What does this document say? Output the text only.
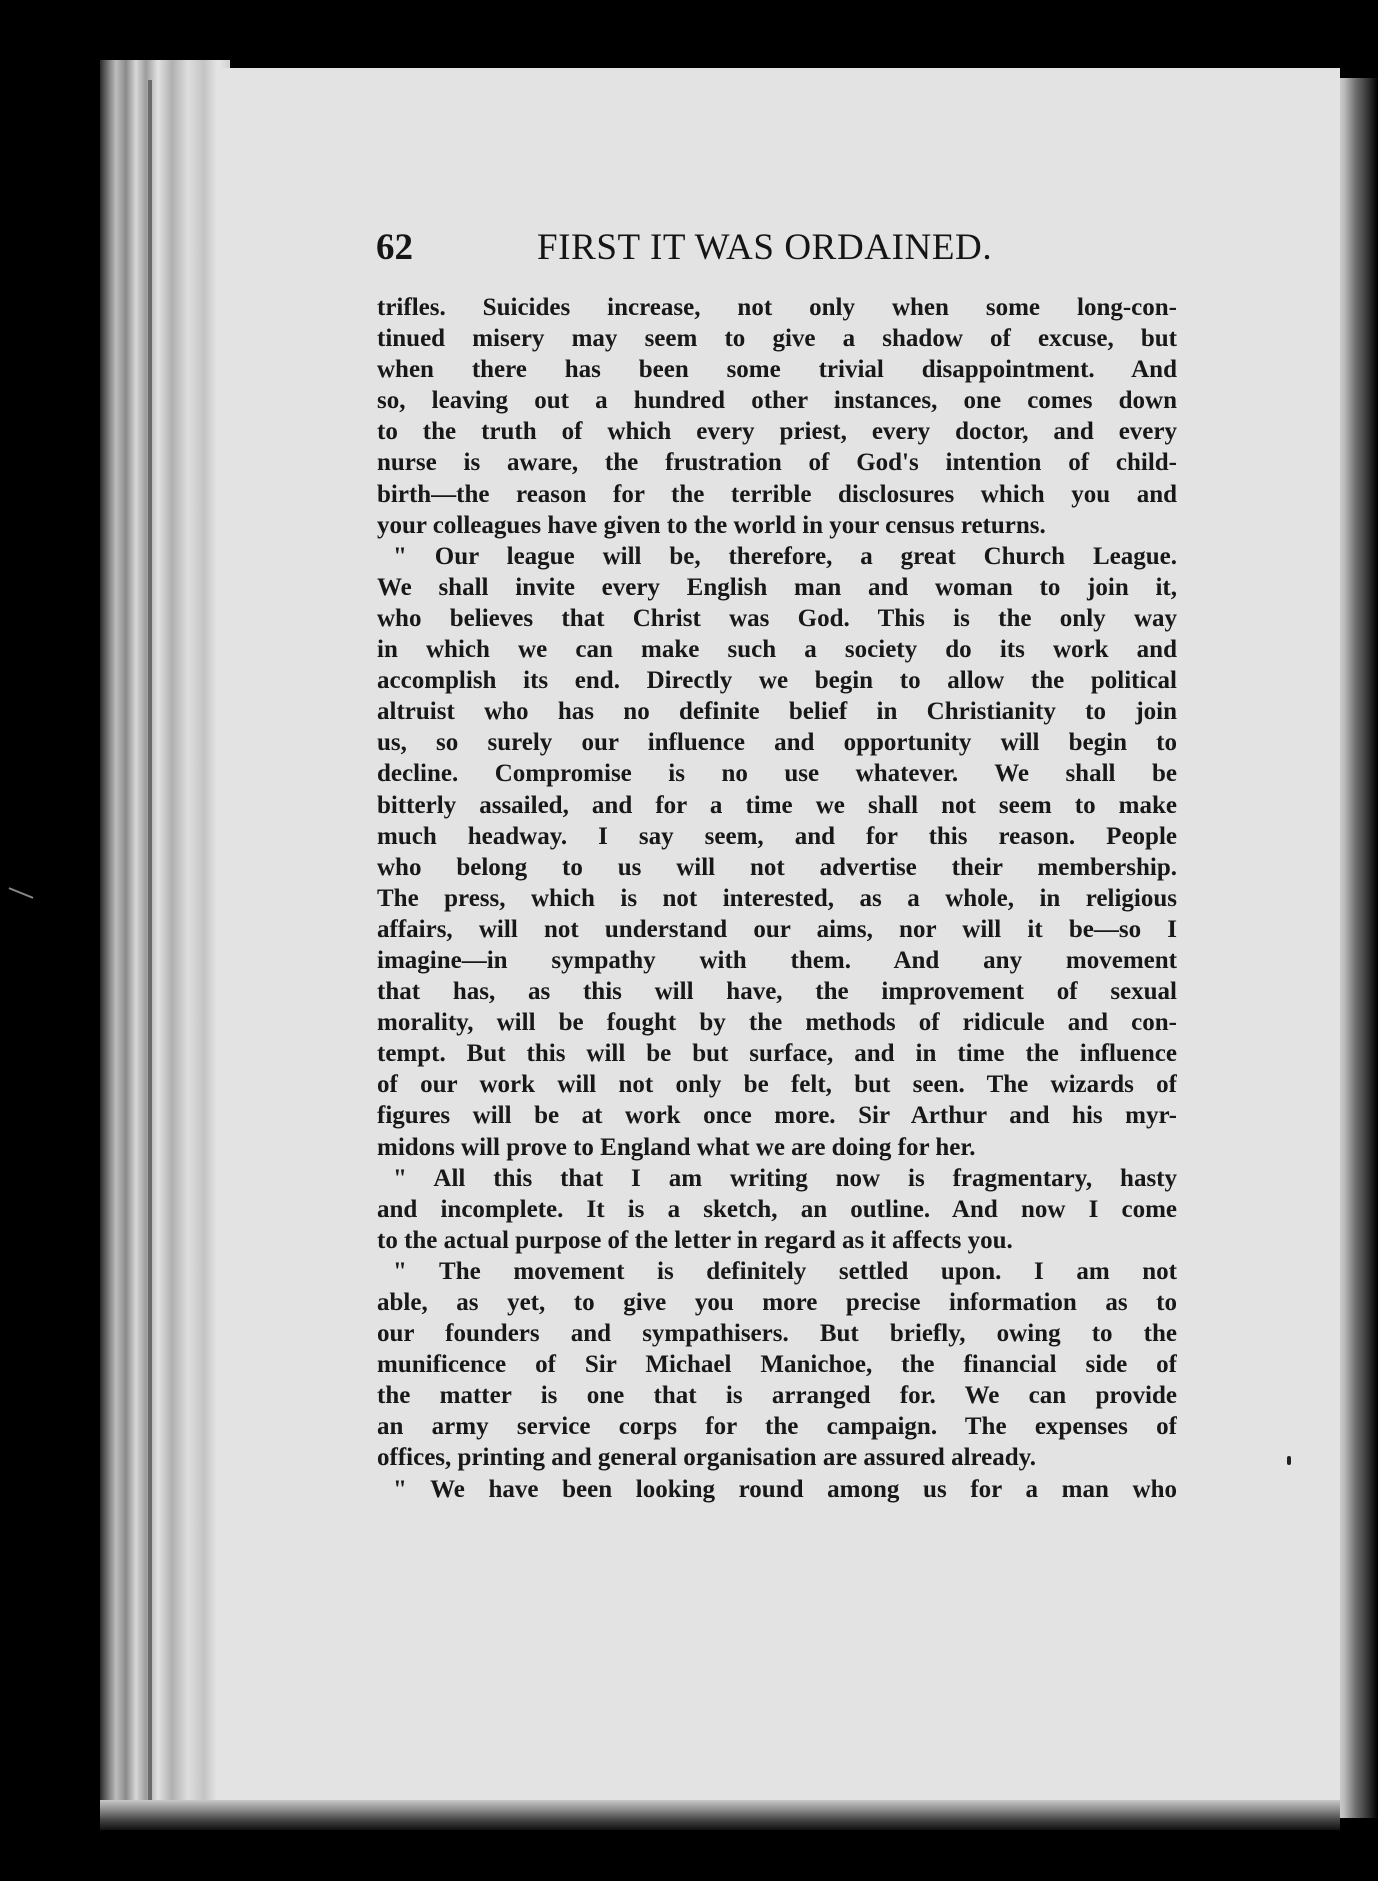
62	FIRST IT WAS ORDAINED.
trifles. Suicides increase, not only when some long-con-
tinued misery may seem to give a shadow of excuse, but
when there has been some trivial disappointment. And
so, leaving out a hundred other instances, one comes down
to the truth of which every priest, every doctor, and every
nurse is aware, the frustration of God's intention of child-
birth—the reason for the terrible disclosures which you and
your colleagues have given to the world in your census returns.
" Our league will be, therefore, a great Church League.
We shall invite every English man and woman to join it,
who believes that Christ was God. This is the only way
in which we can make such a society do its work and
accomplish its end. Directly we begin to allow the political
altruist who has no definite belief in Christianity to join
us, so surely our influence and opportunity will begin to
decline. Compromise is no use whatever. We shall be
bitterly assailed, and for a time we shall not seem to make
much headway. I say seem, and for this reason. People
who belong to us will not advertise their membership.
The press, which is not interested, as a whole, in religious
affairs, will not understand our aims, nor will it be—so I
imagine—in sympathy with them. And any movement
that has, as this will have, the improvement of sexual
morality, will be fought by the methods of ridicule and con-
tempt. But this will be but surface, and in time the influence
of our work will not only be felt, but seen. The wizards of
figures will be at work once more. Sir Arthur and his myr-
midons will prove to England what we are doing for her.
" All this that I am writing now is fragmentary, hasty
and incomplete. It is a sketch, an outline. And now I come
to the actual purpose of the letter in regard as it affects you.
" The movement is definitely settled upon. I am not
able, as yet, to give you more precise information as to
our founders and sympathisers. But briefly, owing to the
munificence of Sir Michael Manichoe, the financial side of
the matter is one that is arranged for. We can provide
an army service corps for the campaign. The expenses of
offices, printing and general organisation are assured already.
" We have been looking round among us for a man who
